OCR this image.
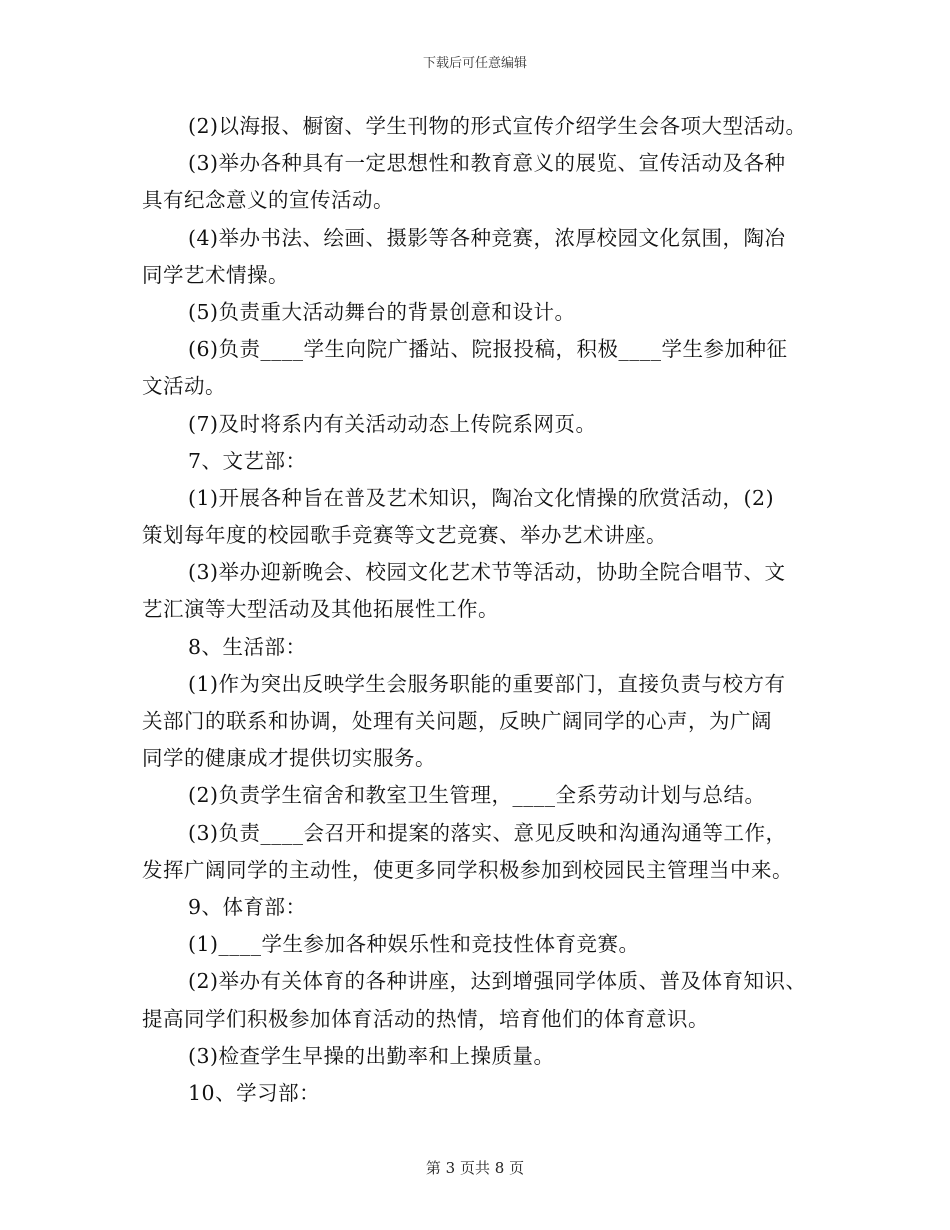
下载后可任意编辑
(2)以海报、橱窗、学生刊物的形式宣传介绍学生会各项大型活动。
(3)举办各种具有一定思想性和教育意义的展览、宣传活动及各种
具有纪念意义的宣传活动。
(4)举办书法、绘画、摄影等各种竞赛，浓厚校园文化氛围，陶冶
同学艺术情操。
(5)负责重大活动舞台的背景创意和设计。
(6)负责____学生向院广播站、院报投稿，积极____学生参加种征
文活动。
(7)及时将系内有关活动动态上传院系网页。
7、文艺部：
(1)开展各种旨在普及艺术知识，陶冶文化情操的欣赏活动，(2)
策划每年度的校园歌手竞赛等文艺竞赛、举办艺术讲座。
(3)举办迎新晚会、校园文化艺术节等活动，协助全院合唱节、文
艺汇演等大型活动及其他拓展性工作。
8、生活部：
(1)作为突出反映学生会服务职能的重要部门，直接负责与校方有
关部门的联系和协调，处理有关问题，反映广阔同学的心声，为广阔
同学的健康成才提供切实服务。
(2)负责学生宿舍和教室卫生管理，____全系劳动计划与总结。
(3)负责____会召开和提案的落实、意见反映和沟通沟通等工作，
发挥广阔同学的主动性，使更多同学积极参加到校园民主管理当中来。
9、体育部：
(1)____学生参加各种娱乐性和竞技性体育竞赛。
(2)举办有关体育的各种讲座，达到增强同学体质、普及体育知识、
提高同学们积极参加体育活动的热情，培育他们的体育意识。
(3)检查学生早操的出勤率和上操质量。
10、学习部：
第 3 页共 8 页
